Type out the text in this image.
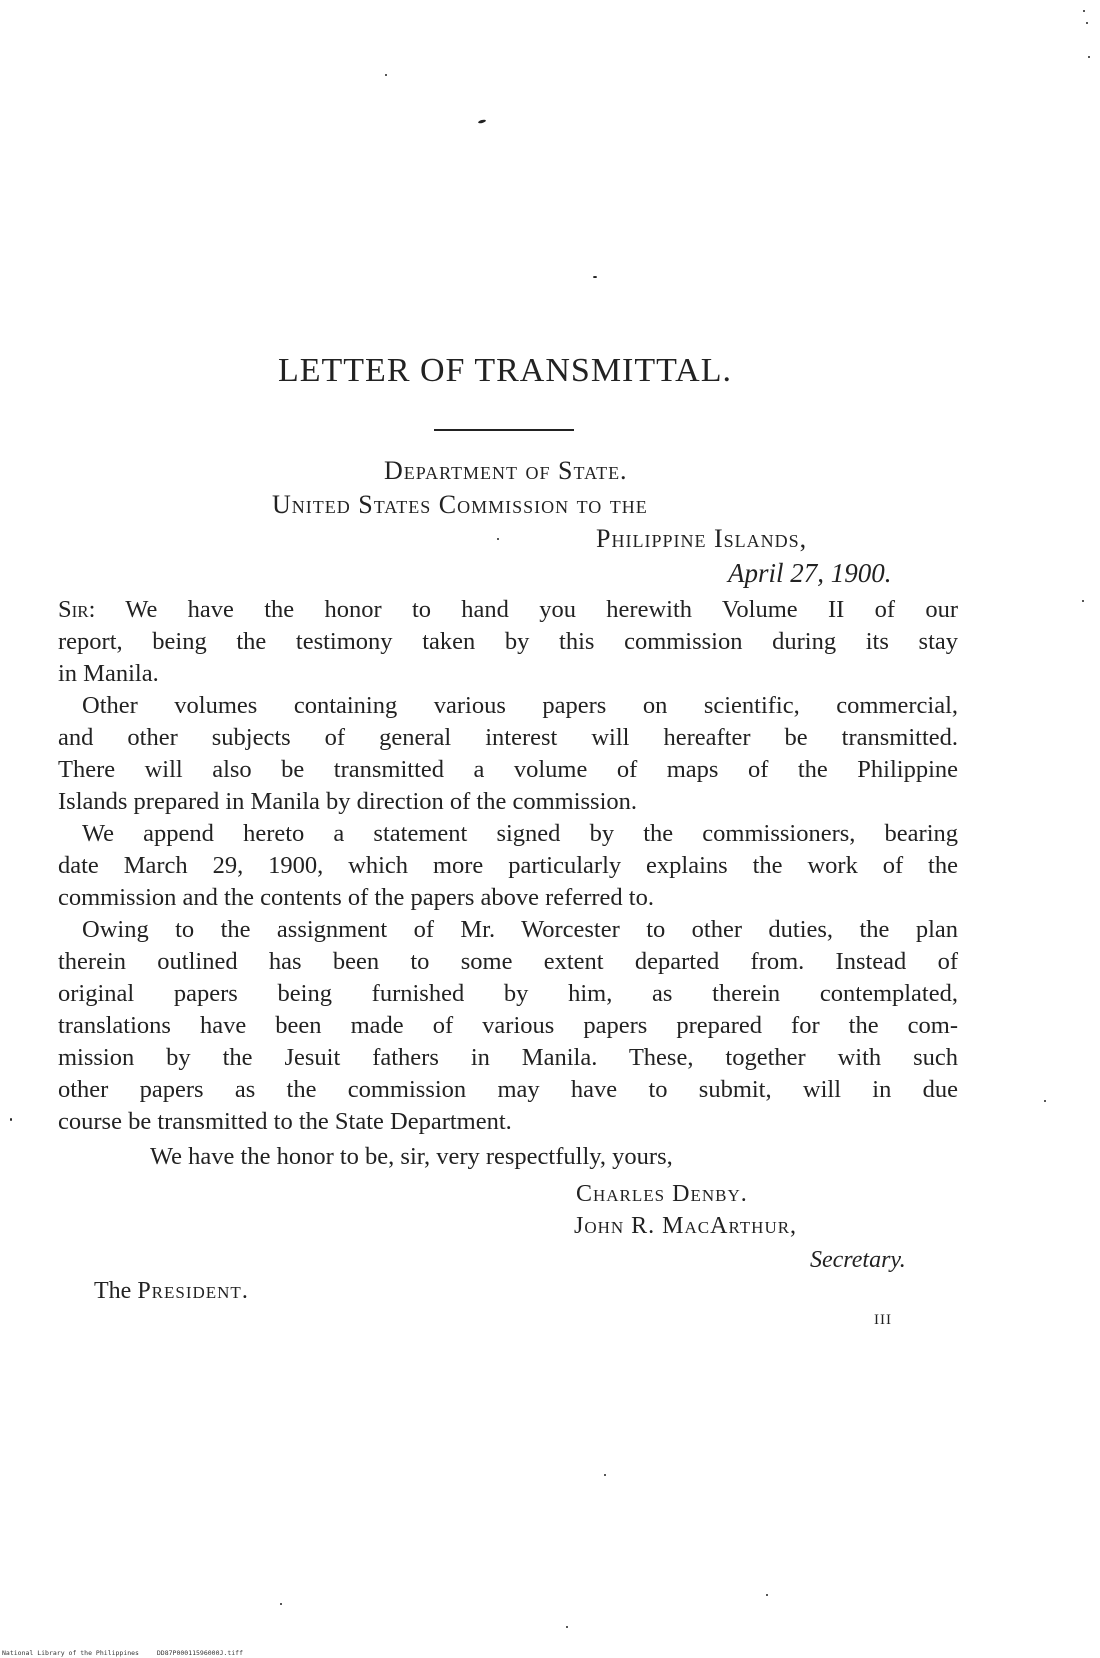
LETTER OF TRANSMITTAL.
Department of State.
United States Commission to the
Philippine Islands,
April 27, 1900.
Sir: We have the honor to hand you herewith Volume II of our
report, being the testimony taken by this commission during its stay
in Manila.
Other volumes containing various papers on scientific, commercial,
and other subjects of general interest will hereafter be transmitted.
There will also be transmitted a volume of maps of the Philippine
Islands prepared in Manila by direction of the commission.
We append hereto a statement signed by the commissioners, bearing
date March 29, 1900, which more particularly explains the work of the
commission and the contents of the papers above referred to.
Owing to the assignment of Mr. Worcester to other duties, the plan
therein outlined has been to some extent departed from. Instead of
original papers being furnished by him, as therein contemplated,
translations have been made of various papers prepared for the com-
mission by the Jesuit fathers in Manila. These, together with such
other papers as the commission may have to submit, will in due
course be transmitted to the State Department.
We have the honor to be, sir, very respectfully, yours,
Charles Denby.
John R. MacArthur,
Secretary.
The President.
III
National Library of the Philippines	DD87P00011596000J.tiff
